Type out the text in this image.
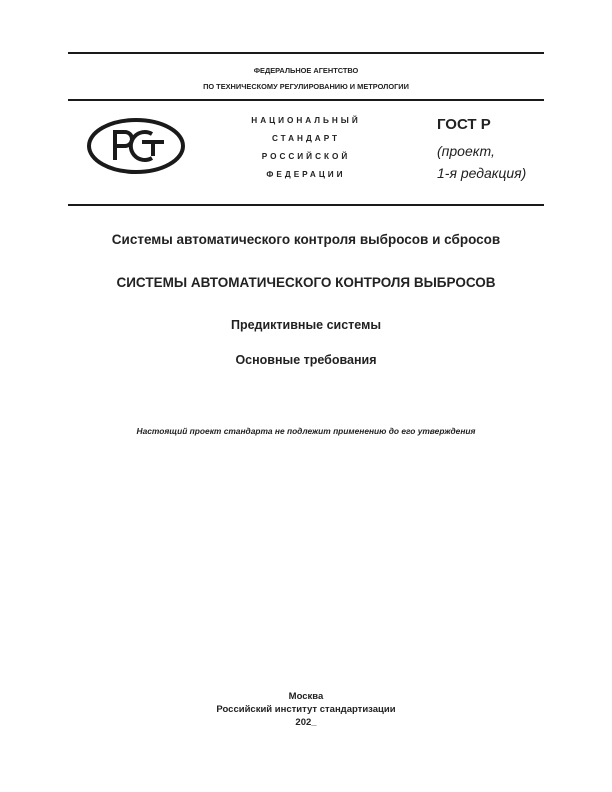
ФЕДЕРАЛЬНОЕ АГЕНТСТВО
ПО ТЕХНИЧЕСКОМУ РЕГУЛИРОВАНИЮ И МЕТРОЛОГИИ
НАЦИОНАЛЬНЫЙ
СТАНДАРТ
РОССИЙСКОЙ
ФЕДЕРАЦИИ
ГОСТ Р
(проект,
1-я редакция)
Системы автоматического контроля выбросов и сбросов
СИСТЕМЫ АВТОМАТИЧЕСКОГО КОНТРОЛЯ ВЫБРОСОВ
Предиктивные системы
Основные требования
Настоящий проект стандарта не подлежит применению до его утверждения
Москва
Российский институт стандартизации
202_
